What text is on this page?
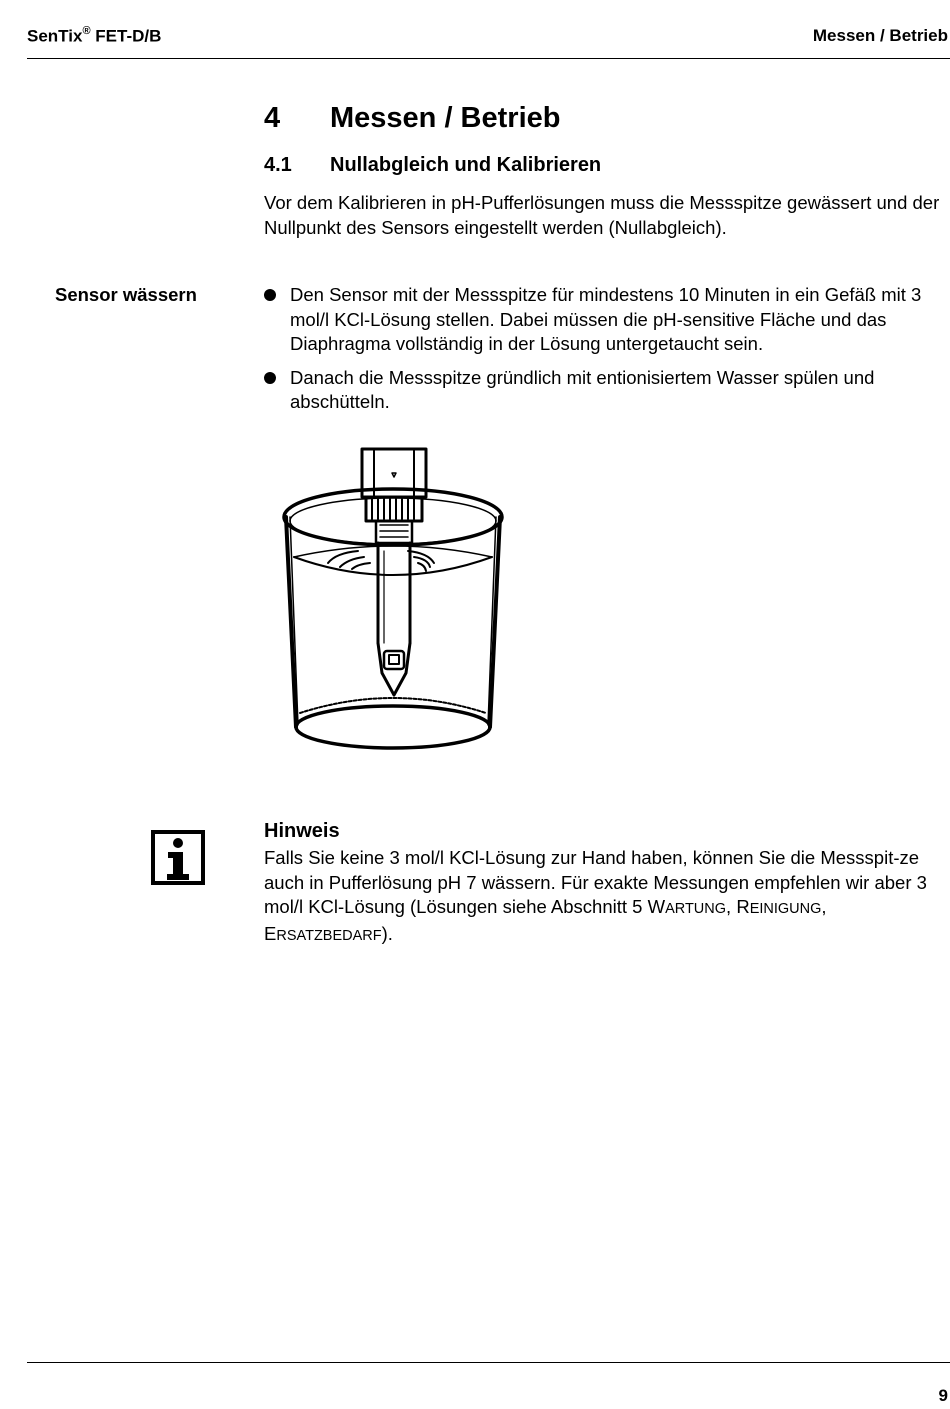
SenTix® FET-D/B	Messen / Betrieb
4 Messen / Betrieb
4.1 Nullabgleich und Kalibrieren
Vor dem Kalibrieren in pH-Pufferlösungen muss die Messspitze gewässert und der Nullpunkt des Sensors eingestellt werden (Nullabgleich).
Sensor wässern	Den Sensor mit der Messspitze für mindestens 10 Minuten in ein Gefäß mit 3 mol/l KCl-Lösung stellen. Dabei müssen die pH-sensitive Fläche und das Diaphragma vollständig in der Lösung untergetaucht sein.
Danach die Messspitze gründlich mit entionisiertem Wasser spülen und abschütteln.
Hinweis
Falls Sie keine 3 mol/l KCl-Lösung zur Hand haben, können Sie die Messspit-ze auch in Pufferlösung pH 7 wässern. Für exakte Messungen empfehlen wir aber 3 mol/l KCl-Lösung (Lösungen siehe Abschnitt 5 WARTUNG, REINIGUNG, ERSATZBEDARF).
9
